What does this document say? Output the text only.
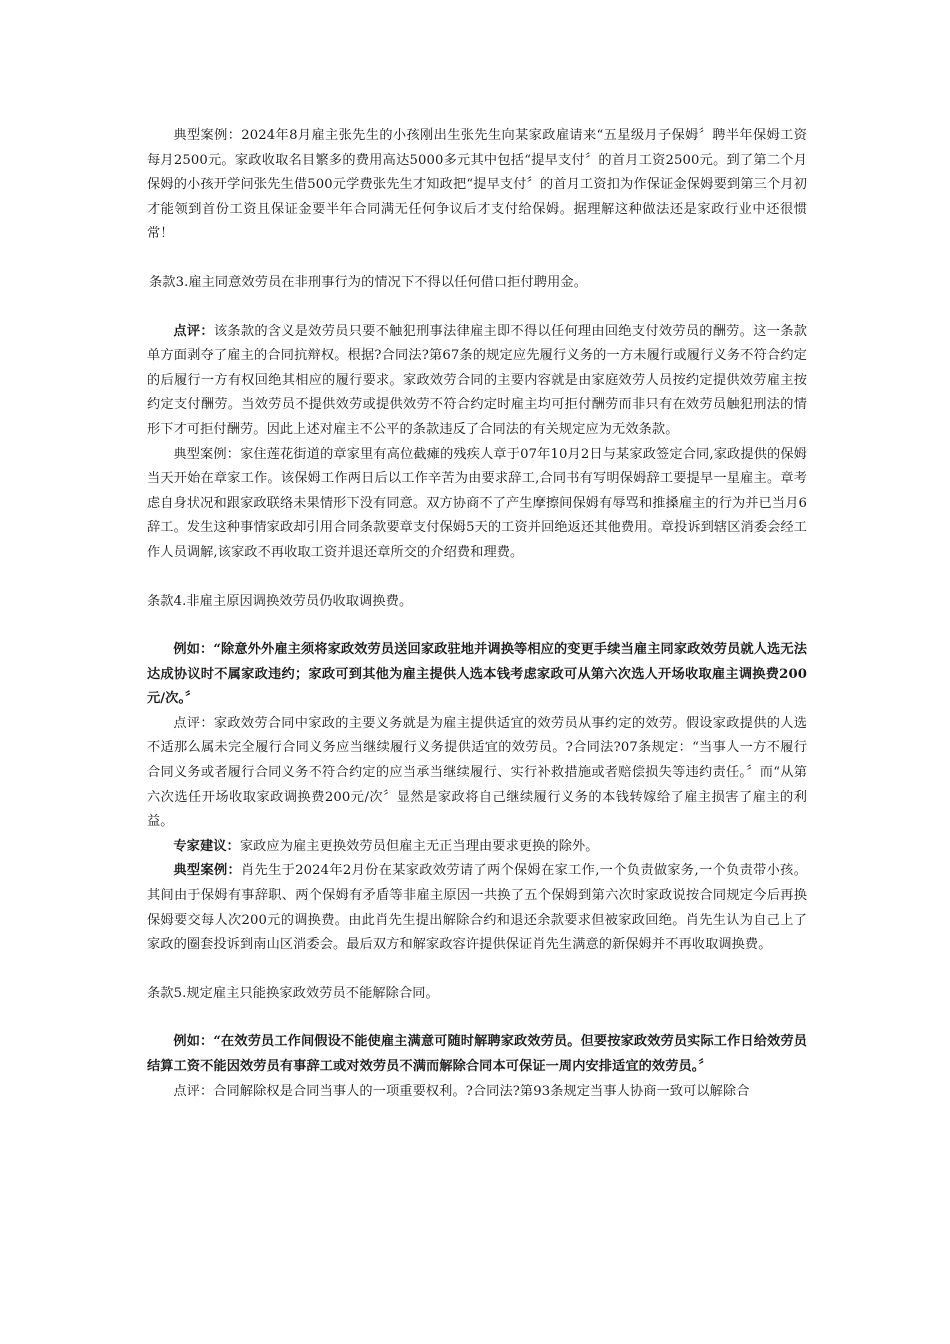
典型案例：2024年8月雇主张先生的小孩刚出生张先生向某家政雇请来“五星级月子保姆〞聘半年保姆工资每月2500元。家政收取名目繁多的费用高达5000多元其中包括“提早支付〞的首月工资2500元。到了第二个月保姆的小孩开学问张先生借500元学费张先生才知政把“提早支付〞的首月工资扣为作保证金保姆要到第三个月初才能领到首份工资且保证金要半年合同满无任何争议后才支付给保姆。据理解这种做法还是家政行业中还很惯常！

条款3.雇主同意效劳员在非刑事行为的情况下不得以任何借口拒付聘用金。

点评：该条款的含义是效劳员只要不触犯刑事法律雇主即不得以任何理由回绝支付效劳员的酬劳。这一条款单方面剥夺了雇主的合同抗辩权。根据?合同法?第67条的规定应先履行义务的一方未履行或履行义务不符合约定的后履行一方有权回绝其相应的履行要求。家政效劳合同的主要内容就是由家庭效劳人员按约定提供效劳雇主按约定支付酬劳。当效劳员不提供效劳或提供效劳不符合约定时雇主均可拒付酬劳而非只有在效劳员触犯刑法的情形下才可拒付酬劳。因此上述对雇主不公平的条款违反了合同法的有关规定应为无效条款。

典型案例：家住莲花街道的章家里有高位截瘫的残疾人章于07年10月2日与某家政签定合同,家政提供的保姆当天开始在章家工作。该保姆工作两日后以工作辛苦为由要求辞工,合同书有写明保姆辞工要提早一星雇主。章考虑自身状况和跟家政联络未果情形下没有同意。双方协商不了产生摩擦间保姆有辱骂和推搡雇主的行为并已当月6辞工。发生这种事情家政却引用合同条款要章支付保姆5天的工资并回绝返还其他费用。章投诉到辖区消委会经工作人员调解,该家政不再收取工资并退还章所交的介绍费和理费。

条款4.非雇主原因调换效劳员仍收取调换费。

例如：“除意外外雇主须将家政效劳员送回家政驻地并调换等相应的变更手续当雇主同家政效劳员就人选无法达成协议时不属家政违约；家政可到其他为雇主提供人选本钱考虑家政可从第六次选人开场收取雇主调换费200元/次。〞

点评：家政效劳合同中家政的主要义务就是为雇主提供适宜的效劳员从事约定的效劳。假设家政提供的人选不适那么属未完全履行合同义务应当继续履行义务提供适宜的效劳员。?合同法?07条规定：“当事人一方不履行合同义务或者履行合同义务不符合约定的应当承当继续履行、实行补救措施或者赔偿损失等违约责任。〞而“从第六次选任开场收取家政调换费200元/次〞显然是家政将自己继续履行义务的本钱转嫁给了雇主损害了雇主的利益。

专家建议：家政应为雇主更换效劳员但雇主无正当理由要求更换的除外。

典型案例：肖先生于2024年2月份在某家政效劳请了两个保姆在家工作,一个负责做家务,一个负责带小孩。其间由于保姆有事辞职、两个保姆有矛盾等非雇主原因一共换了五个保姆到第六次时家政说按合同规定今后再换保姆要交每人次200元的调换费。由此肖先生提出解除合约和退还余款要求但被家政回绝。肖先生认为自己上了家政的圈套投诉到南山区消委会。最后双方和解家政容许提供保证肖先生满意的新保姆并不再收取调换费。

条款5.规定雇主只能换家政效劳员不能解除合同。

例如：“在效劳员工作间假设不能使雇主满意可随时解聘家政效劳员。但要按家政效劳员实际工作日给效劳员结算工资不能因效劳员有事辞工或对效劳员不满而解除合同本可保证一周内安排适宜的效劳员。〞

点评：合同解除权是合同当事人的一项重要权利。?合同法?第93条规定当事人协商一致可以解除合
